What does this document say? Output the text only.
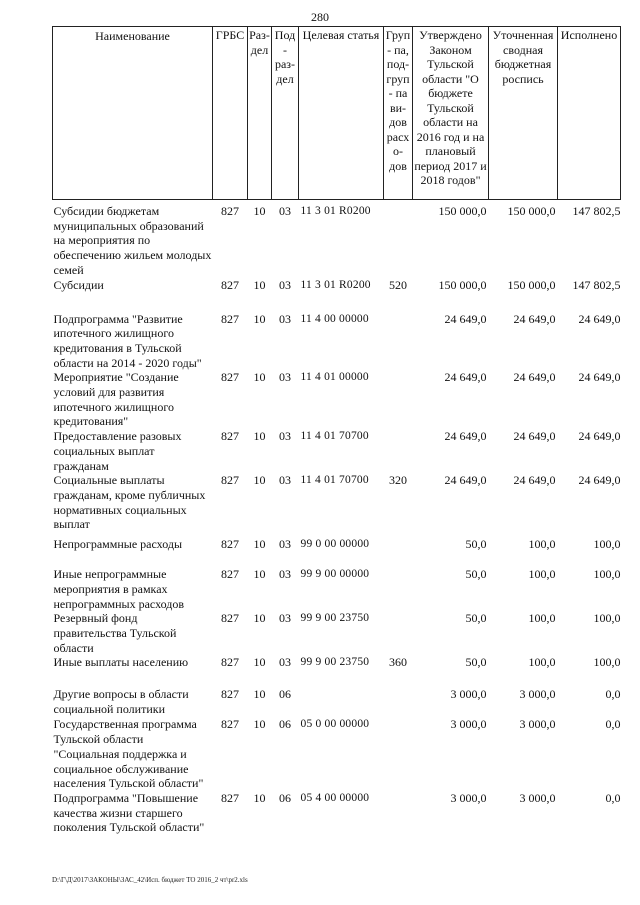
280
Наименование	ГРБС	Раз- дел	Под- раз- дел	Целевая статья	Груп- па, под- груп- па ви- дов расхо- дов	Утверждено Законом Тульской области "О бюджете Тульской области на 2016 год и на плановый период 2017 и 2018 годов"	Уточненная сводная бюджетная роспись	Исполнено
Субсидии бюджетам муниципальных образований на мероприятия по обеспечению жильем молодых семей	827	10	03	11 3 01 R0200		150 000,0	150 000,0	147 802,5
Субсидии	827	10	03	11 3 01 R0200	520	150 000,0	150 000,0	147 802,5
Подпрограмма "Развитие ипотечного жилищного кредитования в Тульской области на 2014 - 2020 годы"	827	10	03	11 4 00 00000		24 649,0	24 649,0	24 649,0
Мероприятие "Создание условий для развития ипотечного жилищного кредитования"	827	10	03	11 4 01 00000		24 649,0	24 649,0	24 649,0
Предоставление разовых социальных выплат гражданам	827	10	03	11 4 01 70700		24 649,0	24 649,0	24 649,0
Социальные выплаты гражданам, кроме публичных нормативных социальных выплат	827	10	03	11 4 01 70700	320	24 649,0	24 649,0	24 649,0
Непрограммные расходы	827	10	03	99 0 00 00000		50,0	100,0	100,0
Иные непрограммные мероприятия в рамках непрограммных расходов	827	10	03	99 9 00 00000		50,0	100,0	100,0
Резервный фонд правительства Тульской области	827	10	03	99 9 00 23750		50,0	100,0	100,0
Иные выплаты населению	827	10	03	99 9 00 23750	360	50,0	100,0	100,0
Другие вопросы в области социальной политики	827	10	06			3 000,0	3 000,0	0,0
Государственная программа Тульской области "Социальная поддержка и социальное обслуживание населения Тульской области"	827	10	06	05 0 00 00000		3 000,0	3 000,0	0,0
Подпрограмма "Повышение качества жизни старшего поколения Тульской области"	827	10	06	05 4 00 00000		3 000,0	3 000,0	0,0
D:\Г\Д\2017\ЗАКОНЫ\ЗАС_42\Исп. бюджет ТО 2016_2 чт\pr2.xls
